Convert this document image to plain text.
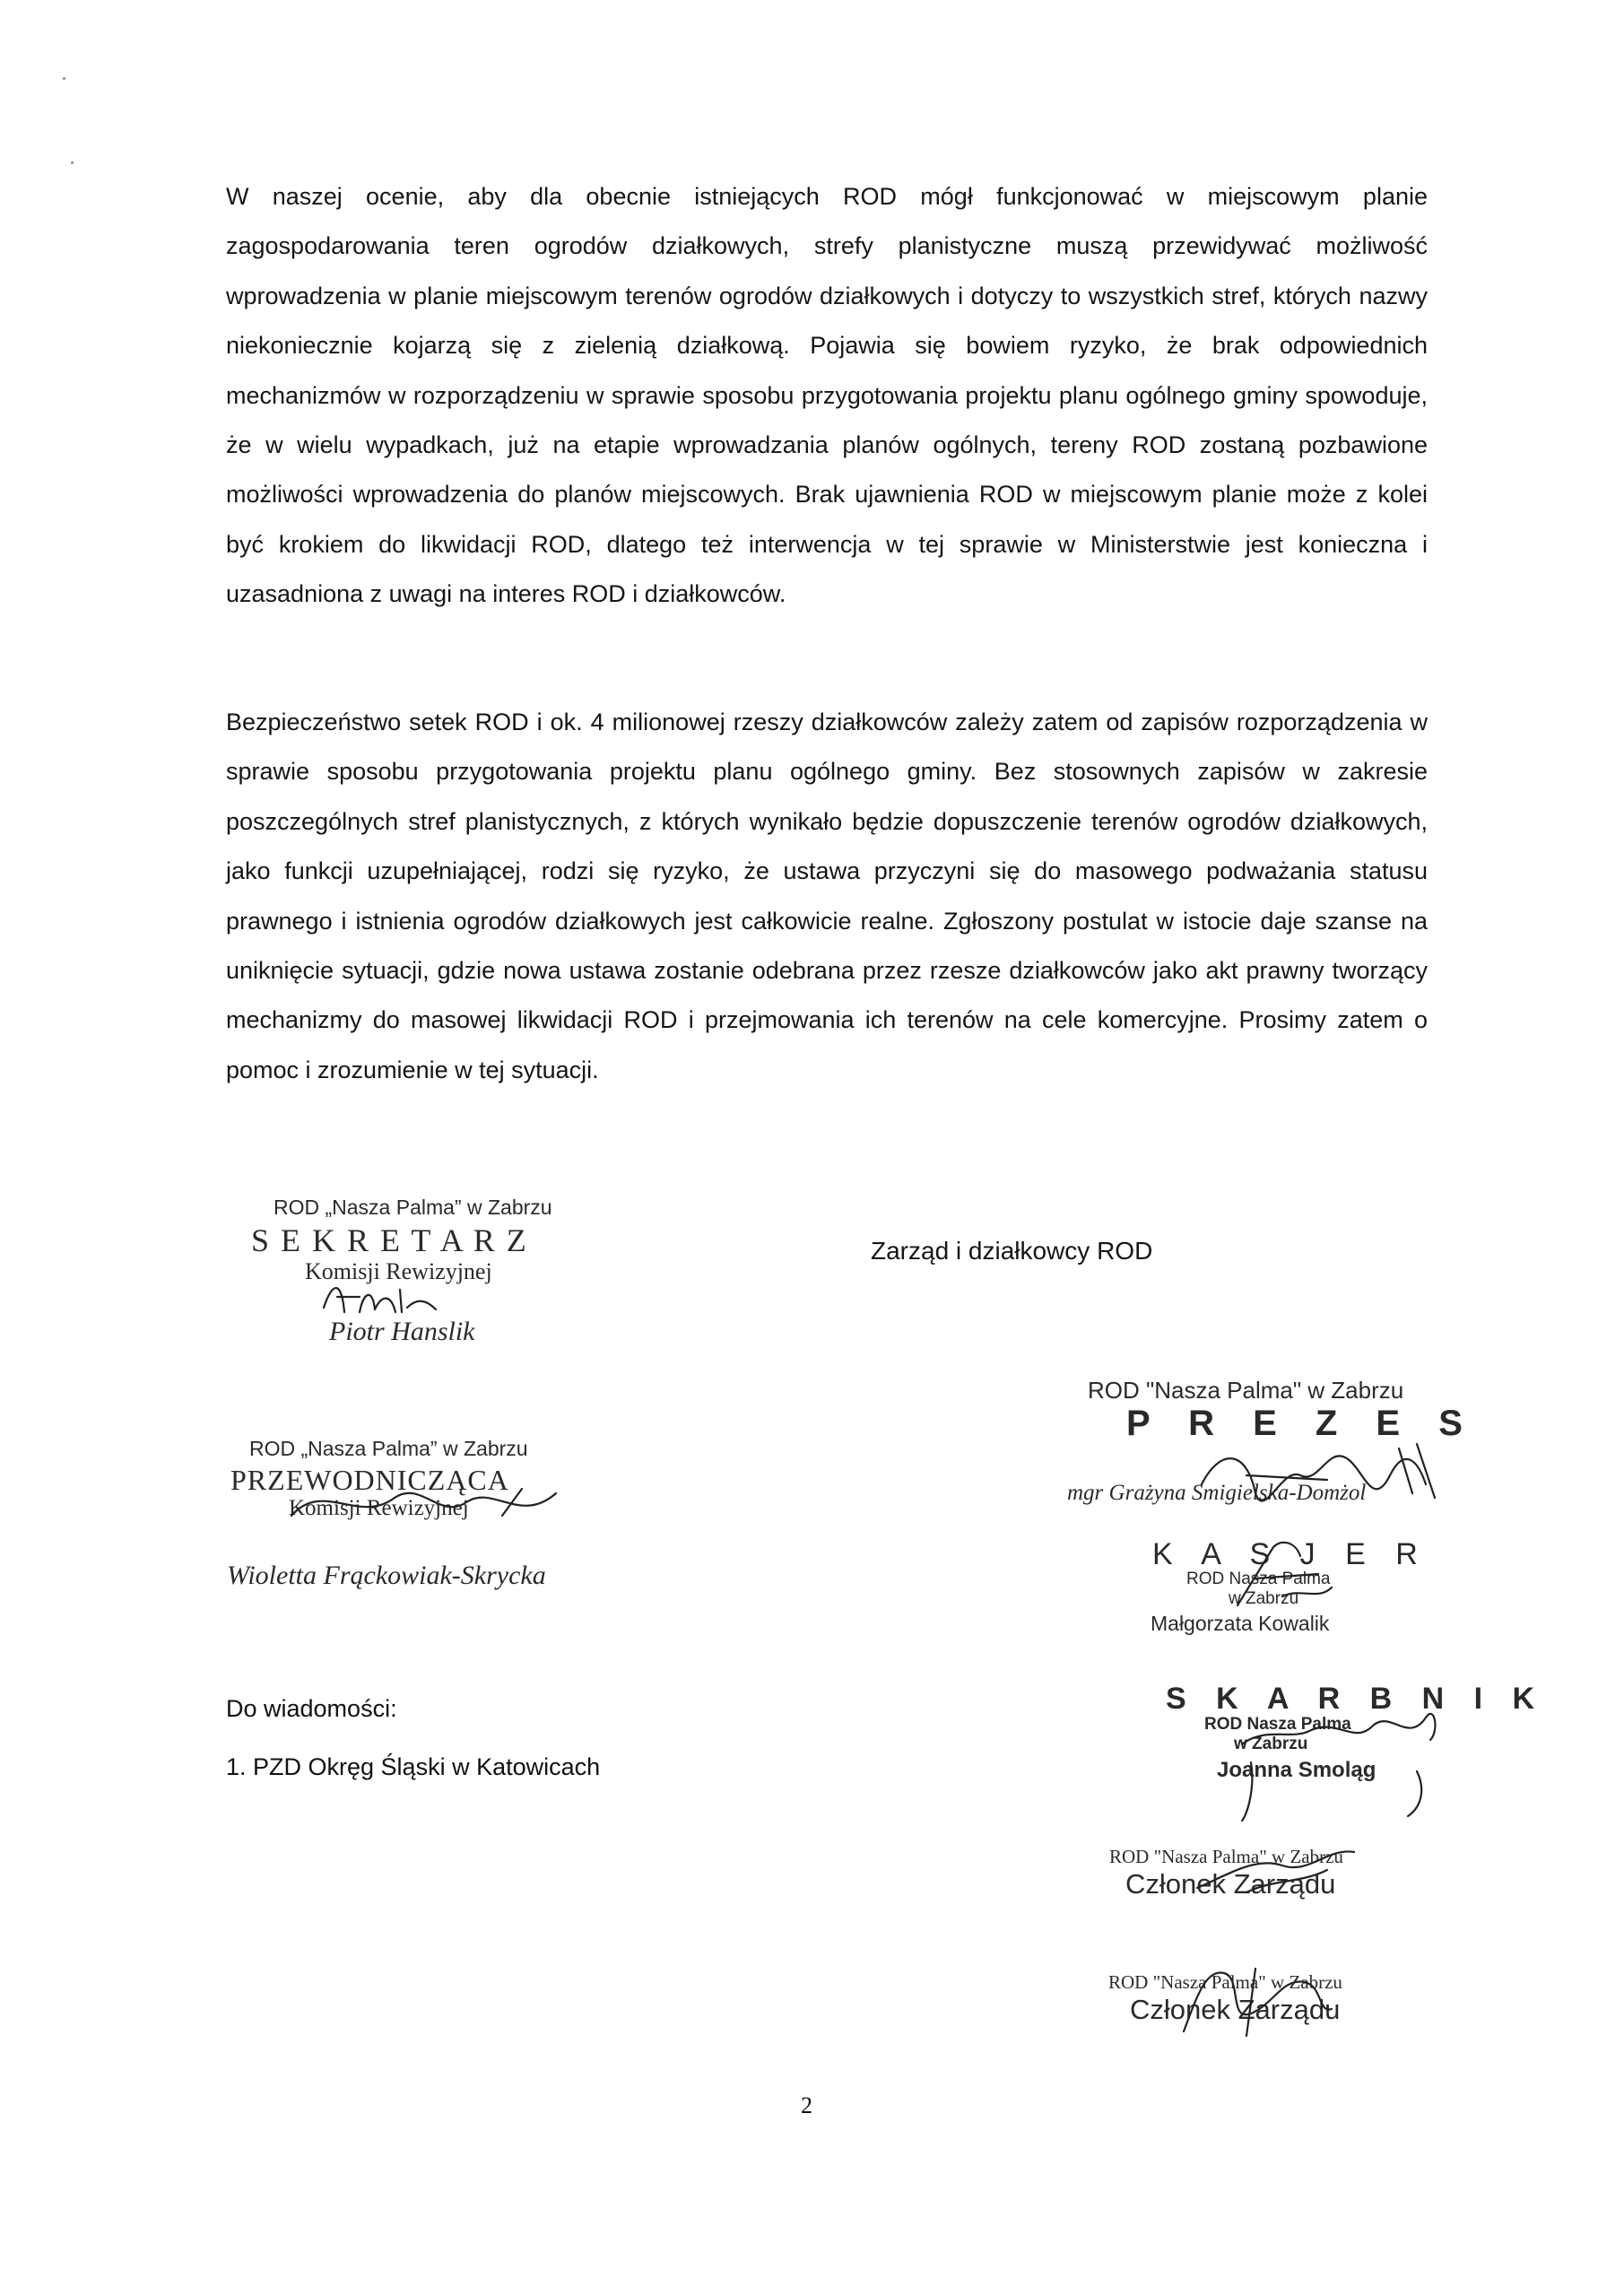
W naszej ocenie, aby dla obecnie istniejących ROD mógł funkcjonować w miejscowym planie zagospodarowania teren ogrodów działkowych, strefy planistyczne muszą przewidywać możliwość wprowadzenia w planie miejscowym terenów ogrodów działkowych i dotyczy to wszystkich stref, których nazwy niekoniecznie kojarzą się z zielenią działkową. Pojawia się bowiem ryzyko, że brak odpowiednich mechanizmów w rozporządzeniu w sprawie sposobu przygotowania projektu planu ogólnego gminy spowoduje, że w wielu wypadkach, już na etapie wprowadzania planów ogólnych, tereny ROD zostaną pozbawione możliwości wprowadzenia do planów miejscowych. Brak ujawnienia ROD w miejscowym planie może z kolei być krokiem do likwidacji ROD, dlatego też interwencja w tej sprawie w Ministerstwie jest konieczna i uzasadniona z uwagi na interes ROD i działkowców.
Bezpieczeństwo setek ROD i ok. 4 milionowej rzeszy działkowców zależy zatem od zapisów rozporządzenia w sprawie sposobu przygotowania projektu planu ogólnego gminy. Bez stosownych zapisów w zakresie poszczególnych stref planistycznych, z których wynikało będzie dopuszczenie terenów ogrodów działkowych, jako funkcji uzupełniającej, rodzi się ryzyko, że ustawa przyczyni się do masowego podważania statusu prawnego i istnienia ogrodów działkowych jest całkowicie realne. Zgłoszony postulat w istocie daje szanse na uniknięcie sytuacji, gdzie nowa ustawa zostanie odebrana przez rzesze działkowców jako akt prawny tworzący mechanizmy do masowej likwidacji ROD i przejmowania ich terenów na cele komercyjne. Prosimy zatem o pomoc i zrozumienie w tej sytuacji.
ROD „Nasza Palma” w Zabrzu
S E K R E T A R Z
Komisji Rewizyjnej
Piotr Hanslik
ROD „Nasza Palma” w Zabrzu
PRZEWODNICZĄCA
Komisji Rewizyjnej
Wioletta Frąckowiak-Skrycka
Zarząd i działkowcy ROD
ROD "Nasza Palma" w Zabrzu
P R E Z E S
mgr Grażyna Smigielska-Domżol
K A S J E R
ROD Nasza Palma
w Zabrzu
Małgorzata Kowalik
S K A R B N I K
ROD Nasza Palma
w Zabrzu
Joanna Smoląg
ROD "Nasza Palma" w Zabrzu
Członek Zarządu
ROD "Nasza Palma" w Zabrzu
Członek Zarządu
Do wiadomości:
1. PZD Okręg Śląski w Katowicach
2
